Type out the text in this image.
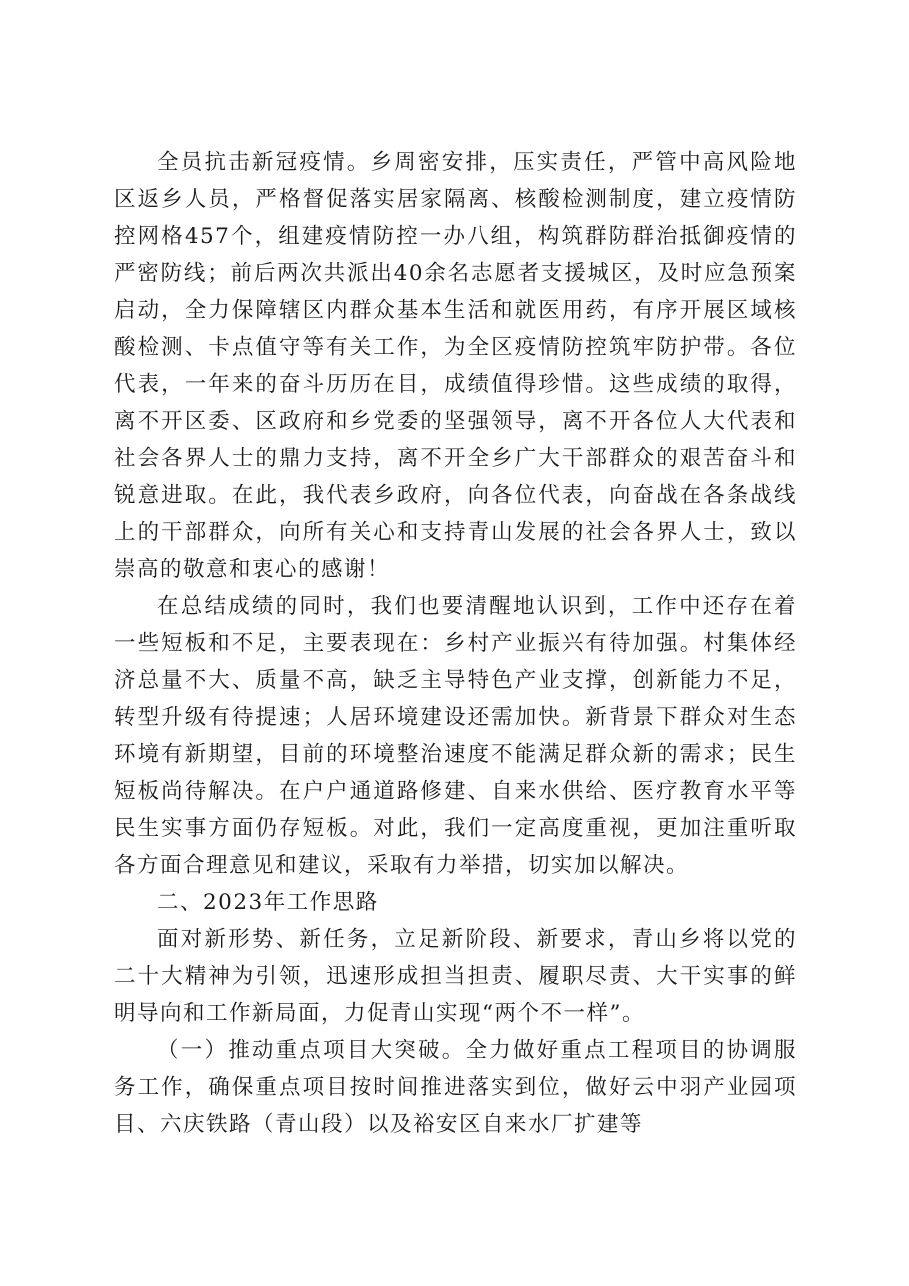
全员抗击新冠疫情。乡周密安排，压实责任，严管中高风险地区返乡人员，严格督促落实居家隔离、核酸检测制度，建立疫情防控网格457个，组建疫情防控一办八组，构筑群防群治抵御疫情的严密防线；前后两次共派出40余名志愿者支援城区，及时应急预案启动，全力保障辖区内群众基本生活和就医用药，有序开展区域核酸检测、卡点值守等有关工作，为全区疫情防控筑牢防护带。各位代表，一年来的奋斗历历在目，成绩值得珍惜。这些成绩的取得，离不开区委、区政府和乡党委的坚强领导，离不开各位人大代表和社会各界人士的鼎力支持，离不开全乡广大干部群众的艰苦奋斗和锐意进取。在此，我代表乡政府，向各位代表，向奋战在各条战线上的干部群众，向所有关心和支持青山发展的社会各界人士，致以崇高的敬意和衷心的感谢！

在总结成绩的同时，我们也要清醒地认识到，工作中还存在着一些短板和不足，主要表现在：乡村产业振兴有待加强。村集体经济总量不大、质量不高，缺乏主导特色产业支撑，创新能力不足，转型升级有待提速；人居环境建设还需加快。新背景下群众对生态环境有新期望，目前的环境整治速度不能满足群众新的需求；民生短板尚待解决。在户户通道路修建、自来水供给、医疗教育水平等民生实事方面仍存短板。对此，我们一定高度重视，更加注重听取各方面合理意见和建议，采取有力举措，切实加以解决。

二、2023年工作思路

面对新形势、新任务，立足新阶段、新要求，青山乡将以党的二十大精神为引领，迅速形成担当担责、履职尽责、大干实事的鲜明导向和工作新局面，力促青山实现“两个不一样”。

（一）推动重点项目大突破。全力做好重点工程项目的协调服务工作，确保重点项目按时间推进落实到位，做好云中羽产业园项目、六庆铁路（青山段）以及裕安区自来水厂扩建等
